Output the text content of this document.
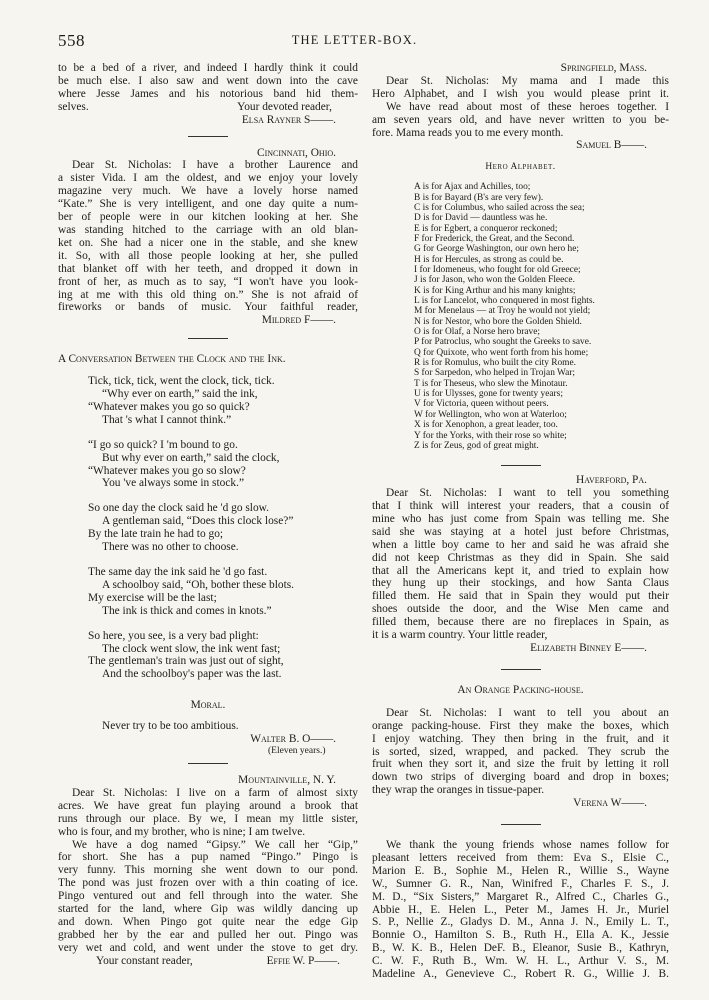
558	THE LETTER-BOX.
to be a bed of a river, and indeed I hardly think it could
be much else. I also saw and went down into the cave
where Jesse James and his notorious band hid them-
selves.	Your devoted reader,
Elsa Rayner S——.
Cincinnati, Ohio.
Dear St. Nicholas: I have a brother Laurence and
a sister Vida. I am the oldest, and we enjoy your lovely
magazine very much. We have a lovely horse named
“Kate.” She is very intelligent, and one day quite a num-
ber of people were in our kitchen looking at her. She
was standing hitched to the carriage with an old blan-
ket on. She had a nicer one in the stable, and she knew
it. So, with all those people looking at her, she pulled
that blanket off with her teeth, and dropped it down in
front of her, as much as to say, “I won't have you look-
ing at me with this old thing on.” She is not afraid of
fireworks or bands of music. Your faithful reader,
Mildred F——.
A Conversation Between the Clock and the Ink.
Tick, tick, tick, went the clock, tick, tick.
“Why ever on earth,” said the ink,
“Whatever makes you go so quick?
That 's what I cannot think.”
“I go so quick? I 'm bound to go.
But why ever on earth,” said the clock,
“Whatever makes you go so slow?
You 've always some in stock.”
So one day the clock said he 'd go slow.
A gentleman said, “Does this clock lose?”
By the late train he had to go;
There was no other to choose.
The same day the ink said he 'd go fast.
A schoolboy said, “Oh, bother these blots.
My exercise will be the last;
The ink is thick and comes in knots.”
So here, you see, is a very bad plight:
The clock went slow, the ink went fast;
The gentleman's train was just out of sight,
And the schoolboy's paper was the last.
Moral.
Never try to be too ambitious.
Walter B. O——.
(Eleven years.)
Mountainville, N. Y.
Dear St. Nicholas: I live on a farm of almost sixty
acres. We have great fun playing around a brook that
runs through our place. By we, I mean my little sister,
who is four, and my brother, who is nine; I am twelve.
We have a dog named “Gipsy.” We call her “Gip,”
for short. She has a pup named “Pingo.” Pingo is
very funny. This morning she went down to our pond.
The pond was just frozen over with a thin coating of ice.
Pingo ventured out and fell through into the water. She
started for the land, where Gip was wildly dancing up
and down. When Pingo got quite near the edge Gip
grabbed her by the ear and pulled her out. Pingo was
very wet and cold, and went under the stove to get dry.
Your constant reader,	Effie W. P——.
Springfield, Mass.
Dear St. Nicholas: My mama and I made this
Hero Alphabet, and I wish you would please print it.
We have read about most of these heroes together. I
am seven years old, and have never written to you be-
fore. Mama reads you to me every month.
Samuel B——.
Hero Alphabet.
A is for Ajax and Achilles, too;
B is for Bayard (B's are very few).
C is for Columbus, who sailed across the sea;
D is for David — dauntless was he.
E is for Egbert, a conqueror reckoned;
F for Frederick, the Great, and the Second.
G for George Washington, our own hero he;
H is for Hercules, as strong as could be.
I for Idomeneus, who fought for old Greece;
J is for Jason, who won the Golden Fleece.
K is for King Arthur and his many knights;
L is for Lancelot, who conquered in most fights.
M for Menelaus — at Troy he would not yield;
N is for Nestor, who bore the Golden Shield.
O is for Olaf, a Norse hero brave;
P for Patroclus, who sought the Greeks to save.
Q for Quixote, who went forth from his home;
R is for Romulus, who built the city Rome.
S for Sarpedon, who helped in Trojan War;
T is for Theseus, who slew the Minotaur.
U is for Ulysses, gone for twenty years;
V for Victoria, queen without peers.
W for Wellington, who won at Waterloo;
X is for Xenophon, a great leader, too.
Y for the Yorks, with their rose so white;
Z is for Zeus, god of great might.
Haverford, Pa.
Dear St. Nicholas: I want to tell you something
that I think will interest your readers, that a cousin of
mine who has just come from Spain was telling me. She
said she was staying at a hotel just before Christmas,
when a little boy came to her and said he was afraid she
did not keep Christmas as they did in Spain. She said
that all the Americans kept it, and tried to explain how
they hung up their stockings, and how Santa Claus
filled them. He said that in Spain they would put their
shoes outside the door, and the Wise Men came and
filled them, because there are no fireplaces in Spain, as
it is a warm country. Your little reader,
Elizabeth Binney E——.
An Orange Packing-house.
Dear St. Nicholas: I want to tell you about an
orange packing-house. First they make the boxes, which
I enjoy watching. They then bring in the fruit, and it
is sorted, sized, wrapped, and packed. They scrub the
fruit when they sort it, and size the fruit by letting it roll
down two strips of diverging board and drop in boxes;
they wrap the oranges in tissue-paper.
Verena W——.
We thank the young friends whose names follow for
pleasant letters received from them: Eva S., Elsie C.,
Marion E. B., Sophie M., Helen R., Willie S., Wayne
W., Sumner G. R., Nan, Winifred F., Charles F. S., J.
M. D., “Six Sisters,” Margaret R., Alfred C., Charles G.,
Abbie H., E. Helen L., Peter M., James H. Jr., Muriel
S. P., Nellie Z., Gladys D. M., Anna J. N., Emily L. T.,
Bonnie O., Hamilton S. B., Ruth H., Ella A. K., Jessie
B., W. K. B., Helen DeF. B., Eleanor, Susie B., Kathryn,
C. W. F., Ruth B., Wm. W. H. L., Arthur V. S., M.
Madeline A., Genevieve C., Robert R. G., Willie J. B.
